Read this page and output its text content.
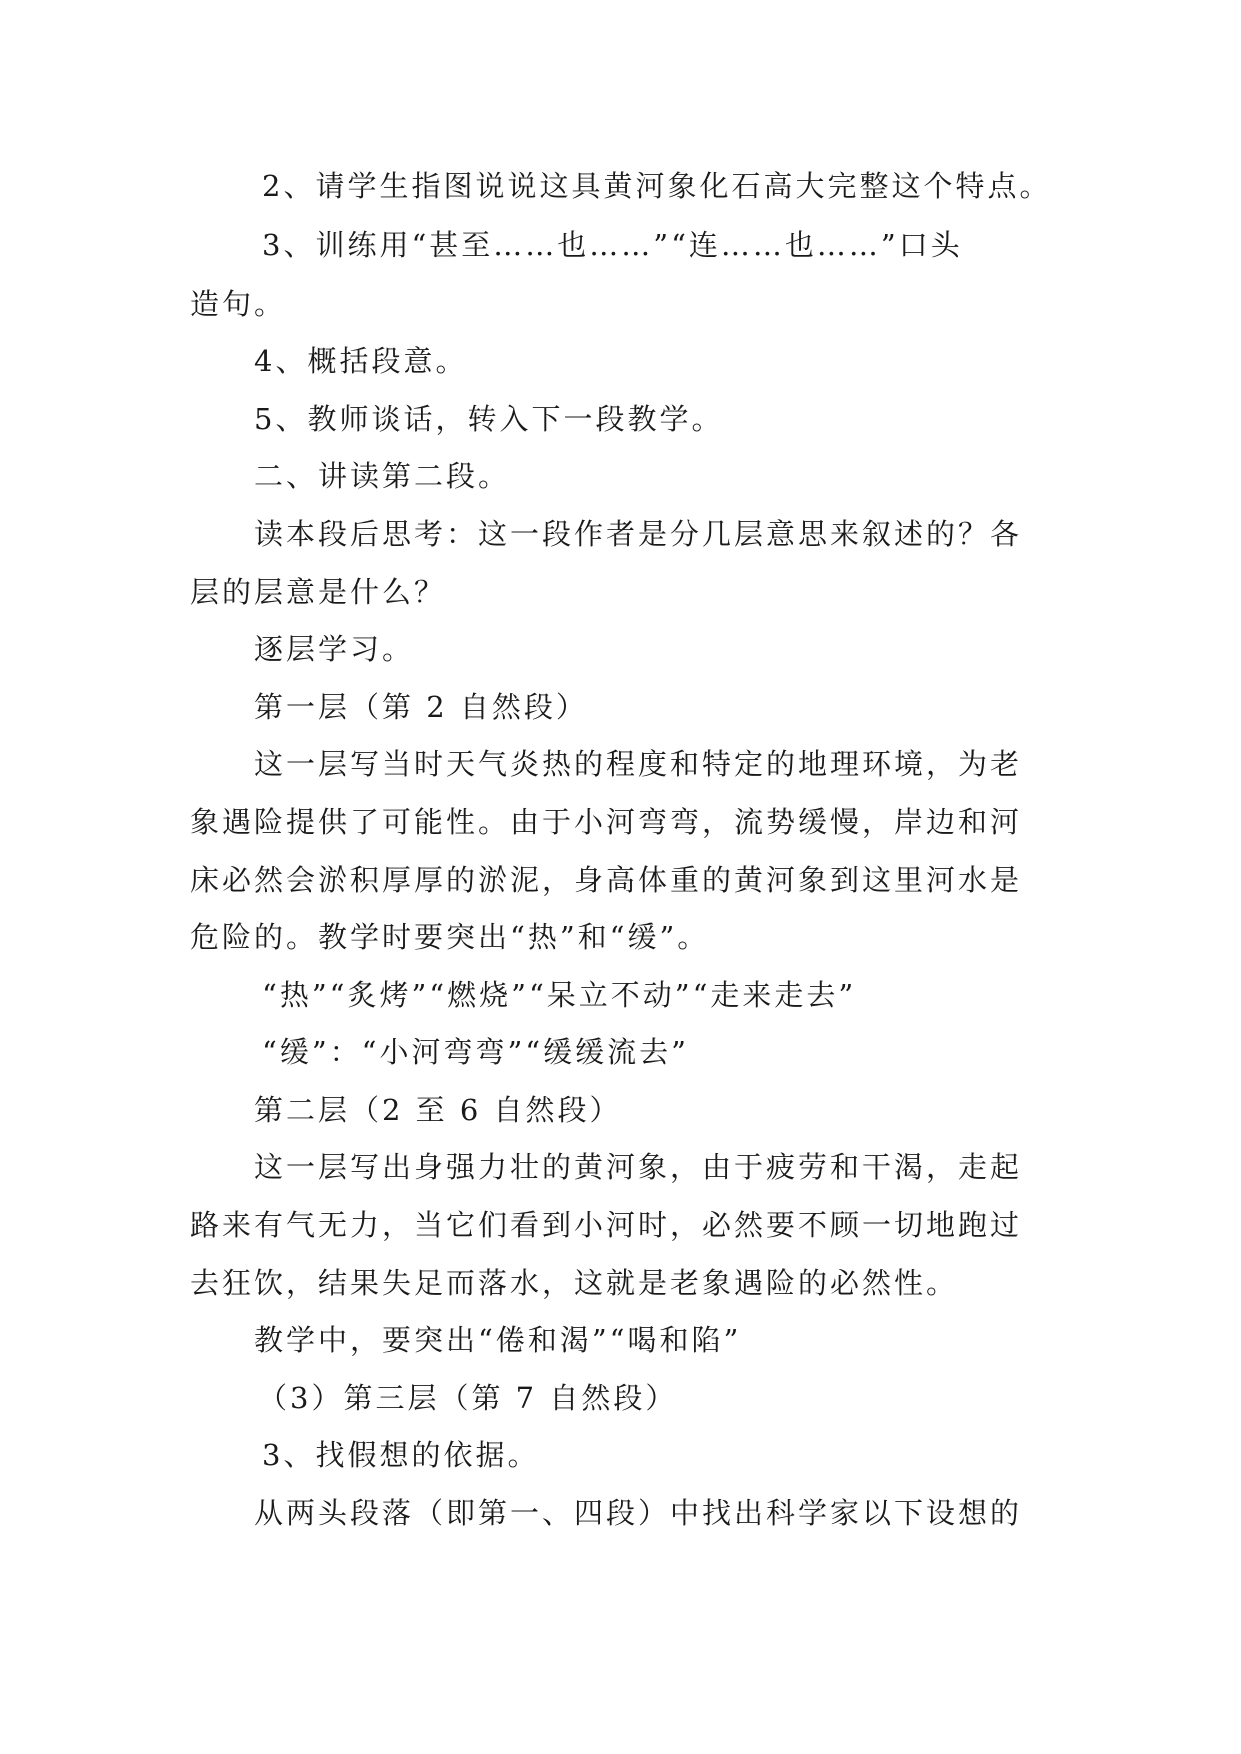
2、请学生指图说说这具黄河象化石高大完整这个特点。
3、训练用“甚至……也……”“连……也……”口头
造句。
4、概括段意。
5、教师谈话，转入下一段教学。
二、讲读第二段。
读本段后思考：这一段作者是分几层意思来叙述的？各
层的层意是什么？
逐层学习。
第一层（第 2 自然段）
这一层写当时天气炎热的程度和特定的地理环境，为老
象遇险提供了可能性。由于小河弯弯，流势缓慢，岸边和河
床必然会淤积厚厚的淤泥，身高体重的黄河象到这里河水是
危险的。教学时要突出“热”和“缓”。
“热”“炙烤”“燃烧”“呆立不动”“走来走去”
“缓”：“小河弯弯”“缓缓流去”
第二层（2 至 6 自然段）
这一层写出身强力壮的黄河象，由于疲劳和干渴，走起
路来有气无力，当它们看到小河时，必然要不顾一切地跑过
去狂饮，结果失足而落水，这就是老象遇险的必然性。
教学中，要突出“倦和渴”“喝和陷”
（3）第三层（第 7 自然段）
3、找假想的依据。
从两头段落（即第一、四段）中找出科学家以下设想的
